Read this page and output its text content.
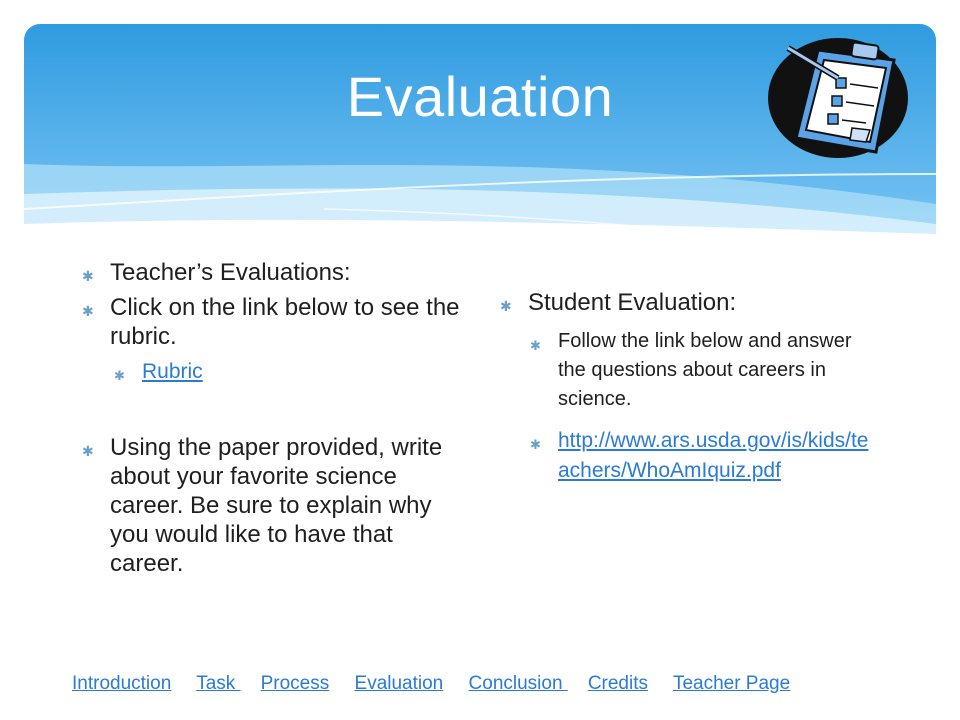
Evaluation
✱ Teacher’s Evaluations:
✱ Click on the link below to see the rubric.
✱ Rubric
✱ Using the paper provided, write about your favorite science career. Be sure to explain why you would like to have that career.
✱ Student Evaluation:
✱ Follow the link below and answer the questions about careers in science.
✱ http://www.ars.usda.gov/is/kids/teachers/WhoAmIquiz.pdf
Introduction Task Process Evaluation Conclusion Credits Teacher Page
